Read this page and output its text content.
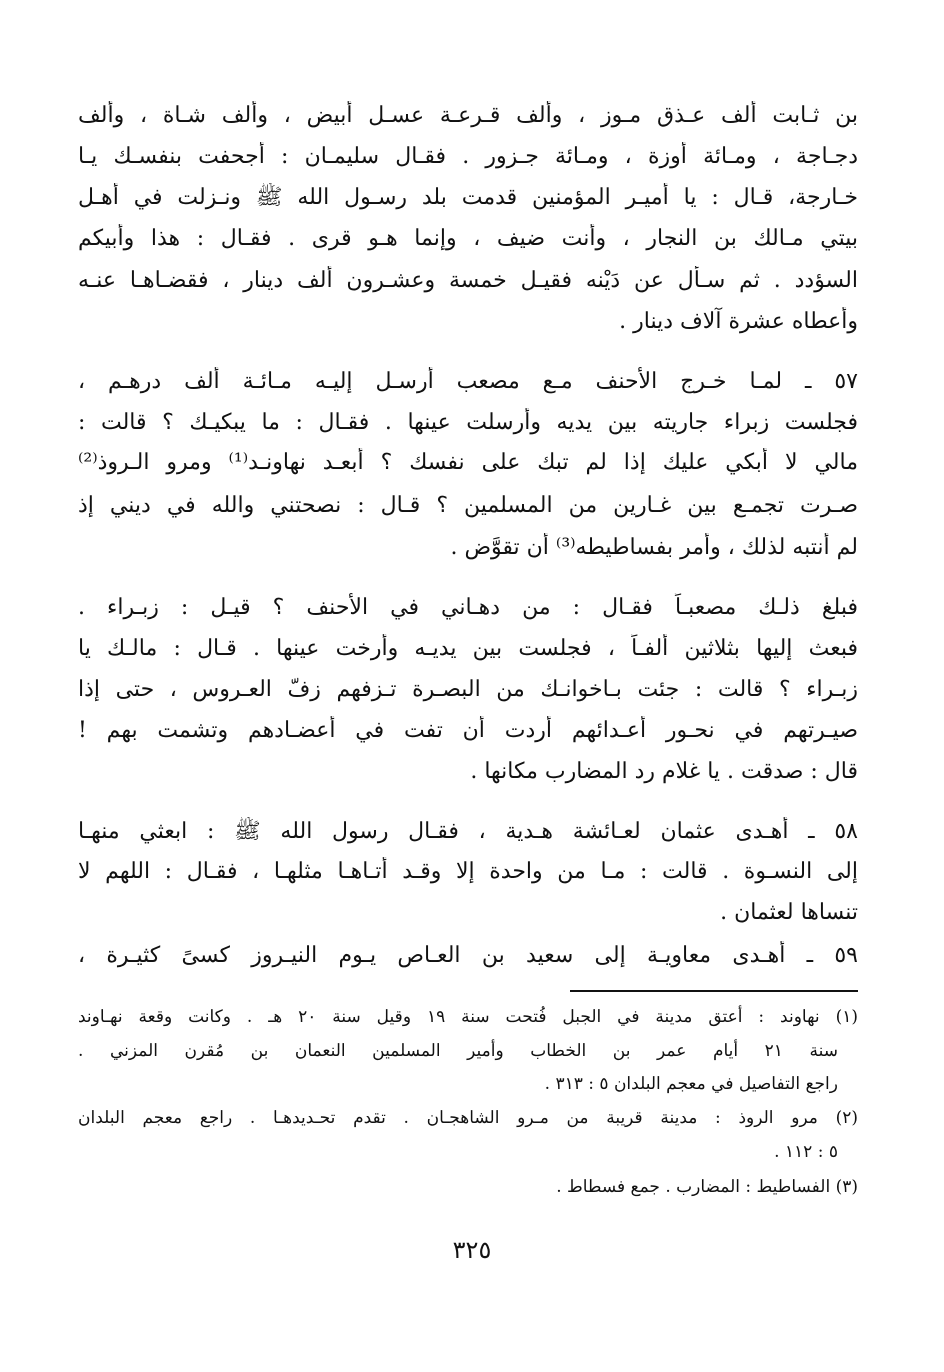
بن ثـابت ألف عـذق مـوز ، وألف قـرعـة عسـل أبيض ، وألف شـاة ، وألف
دجـاجة ، ومـائة أوزة ، ومـائة جـزور . فقـال سليمـان : أجحفت بنفسـك يـا
خـارجة، قـال : يا أميـر المؤمنين قدمت بلد رسـول الله ﷺ ونـزلت في أهـل
بيتي مـالك بن النجار ، وأنت ضيف ، وإنما هـو قرى . فقـال : هذا وأبيكم
السؤدد . ثم سـأل عن دَيْنه فقيـل خمسة وعشـرون ألف دينار ، فقضـاهـا عنـه
وأعطاه عشرة آلاف دينار .
٥٧ ـ لمـا خـرج الأحنف مـع مصعب أرسـل إليـه مـائـة ألف درهـم ،
فجلست زبراء جاريته بين يديه وأرسلت عينها . فقـال : ما يبكيـك ؟ قالت :
مالي لا أبكي عليك إذا لم تبك على نفسك ؟ أبعـد نهاونـد⁽¹⁾ ومرو الـروذ⁽²⁾
صـرت تجمـع بين غـارين من المسلمين ؟ قـال : نصحتني والله في ديني إذ
لم أنتبه لذلك ، وأمر بفساطيطه⁽³⁾ أن تقوَّض .
فبلغ ذلـك مصعبـاً فقـال : من دهـاني في الأحنف ؟ قيـل : زبـراء .
فبعث إليها بثلاثين ألفـاً ، فجلست بين يديـه وأرخت عينها . قـال : مالـك يا
زبـراء ؟ قالت : جئت بـاخوانـك من البصـرة تـزفهم زفّ العـروس ، حتى إذا
صيـرتهم في نحـور أعـدائهم أردت أن تفت في أعضـادهم وتشمت بهم !
قال : صدقت . يا غلام رد المضارب مكانها .
٥٨ ـ أهـدى عثمان لعـائشة هـدية ، فقـال رسول الله ﷺ : ابعثي منهـا
إلى النسـوة . قالت : مـا من واحدة إلا وقـد أتـاهـا مثلهـا ، فقـال : اللهم لا
تنساها لعثمان .
٥٩ ـ أهـدى معاويـة إلى سعيد بن العـاص يـوم النيـروز كسىً كثيـرة ،
(١) نهاوند : أعتق مدينة في الجبل فُتحت سنة ١٩ وقيل سنة ٢٠ هـ . وكانت وقعة نهـاوند
سنة ٢١ أيام عمر بن الخطاب وأمير المسلمين النعمان بن مُقرن المزني .
راجع التفاصيل في معجم البلدان ٥ : ٣١٣ .
(٢) مرو الروذ : مدينة قريبة من مـرو الشاهجـان . تقدم تحـديدهـا . راجع معجم البلدان
٥ : ١١٢ .
(٣) الفساطيط : المضارب . جمع فسطاط .
٣٢٥
